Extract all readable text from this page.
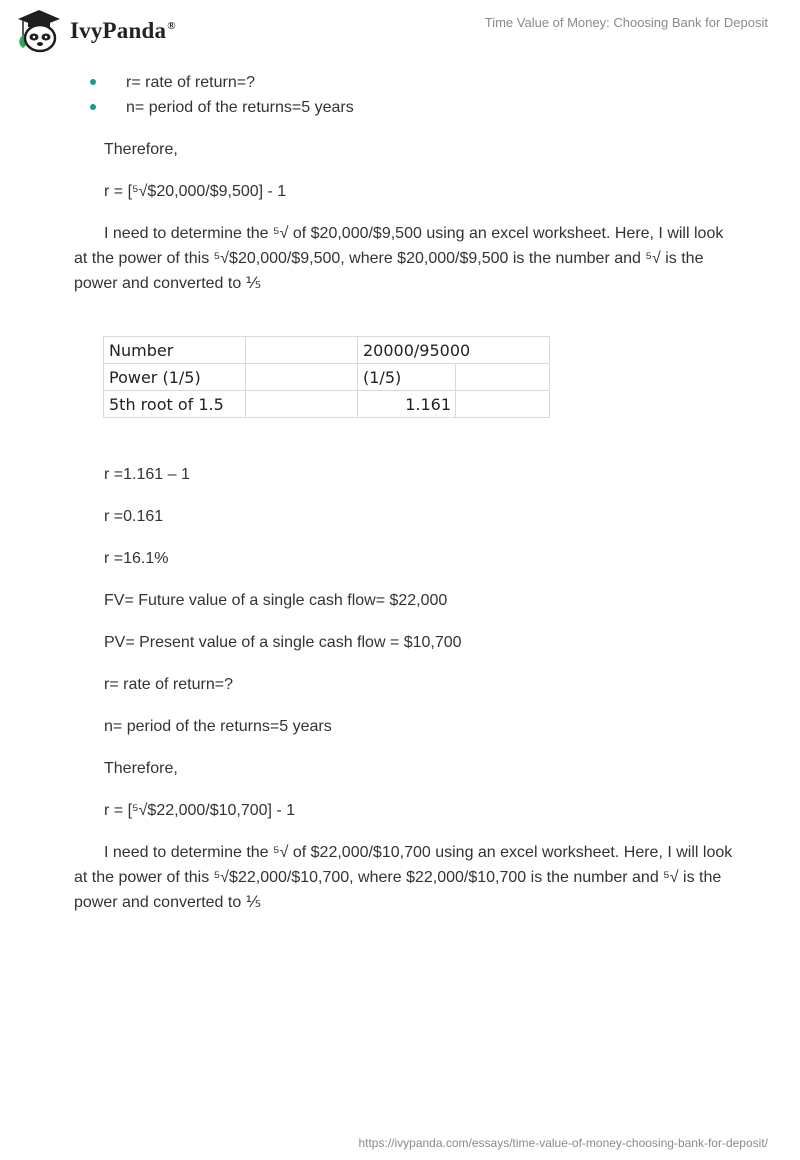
IvyPanda®	Time Value of Money: Choosing Bank for Deposit
r= rate of return=?
n= period of the returns=5 years

Therefore,

r = [⁵√$20,000/$9,500] - 1

I need to determine the ⁵√ of $20,000/$9,500 using an excel worksheet. Here, I will look at the power of this ⁵√$20,000/$9,500, where $20,000/$9,500 is the number and ⁵√ is the power and converted to ⅕

Number		20000/95000	
Power (1/5)		(1/5)	
5th root of 1.5		1.161	

r =1.161 – 1

r =0.161

r =16.1%

FV= Future value of a single cash flow= $22,000

PV= Present value of a single cash flow = $10,700

r= rate of return=?

n= period of the returns=5 years

Therefore,

r = [⁵√$22,000/$10,700] - 1

I need to determine the ⁵√ of $22,000/$10,700 using an excel worksheet. Here, I will look at the power of this ⁵√$22,000/$10,700, where $22,000/$10,700 is the number and ⁵√ is the power and converted to ⅕

https://ivypanda.com/essays/time-value-of-money-choosing-bank-for-deposit/
